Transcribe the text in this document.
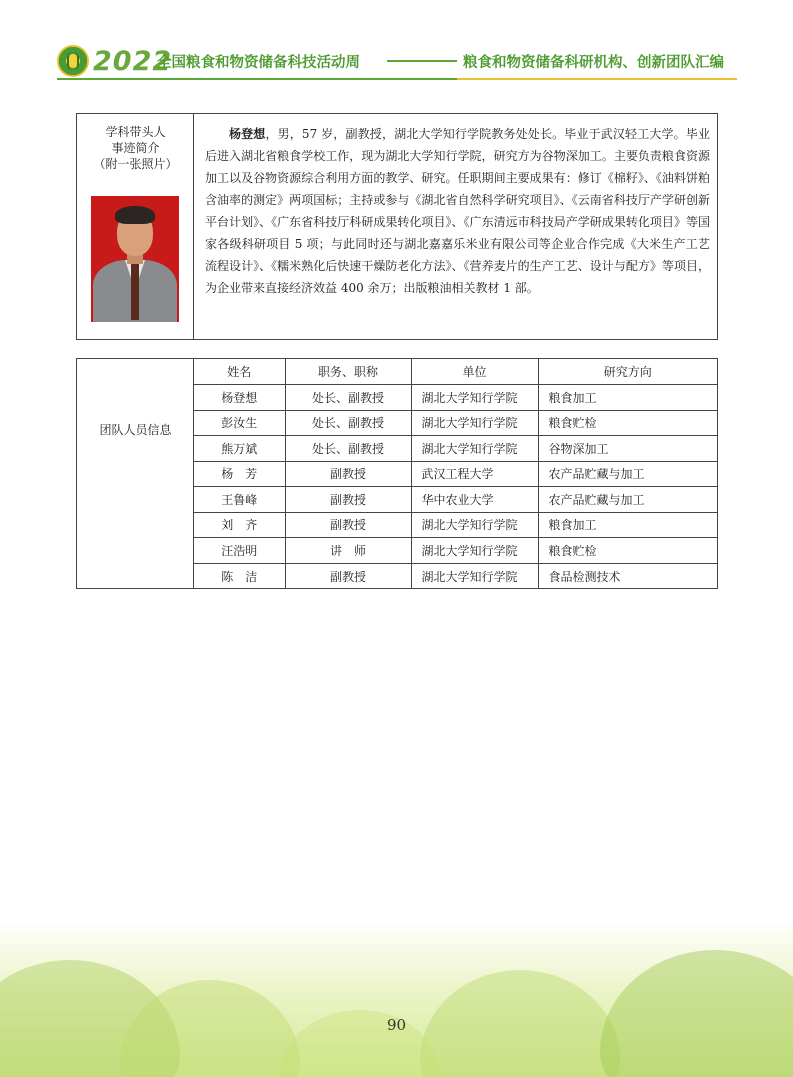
2022
全国粮食和物资储备科技活动周	粮食和物资储备科研机构、创新团队汇编
学科带头人
事迹简介
（附一张照片）
杨登想，男，57 岁，副教授，湖北大学知行学院教务处处长。毕业于武汉轻工大学。毕业后进入湖北省粮食学校工作，现为湖北大学知行学院，研究方为谷物深加工。主要负责粮食资源加工以及谷物资源综合利用方面的教学、研究。任职期间主要成果有：修订《棉籽》、《油料饼粕含油率的测定》两项国标；主持或参与《湖北省自然科学研究项目》、《云南省科技厅产学研创新平台计划》、《广东省科技厅科研成果转化项目》、《广东清远市科技局产学研成果转化项目》等国家各级科研项目 5 项；与此同时还与湖北嘉嘉乐米业有限公司等企业合作完成《大米生产工艺流程设计》、《糯米熟化后快速干燥防老化方法》、《营养麦片的生产工艺、设计与配方》等项目，为企业带来直接经济效益 400 余万；出版粮油相关教材 1 部。
团队人员信息
姓名	职务、职称	单位	研究方向
杨登想	处长、副教授	湖北大学知行学院	粮食加工
彭汝生	处长、副教授	湖北大学知行学院	粮食贮检
熊万斌	处长、副教授	湖北大学知行学院	谷物深加工
杨　芳	副教授	武汉工程大学	农产品贮藏与加工
王鲁峰	副教授	华中农业大学	农产品贮藏与加工
刘　齐	副教授	湖北大学知行学院	粮食加工
汪浩明	讲　师	湖北大学知行学院	粮食贮检
陈　洁	副教授	湖北大学知行学院	食品检测技术
90
